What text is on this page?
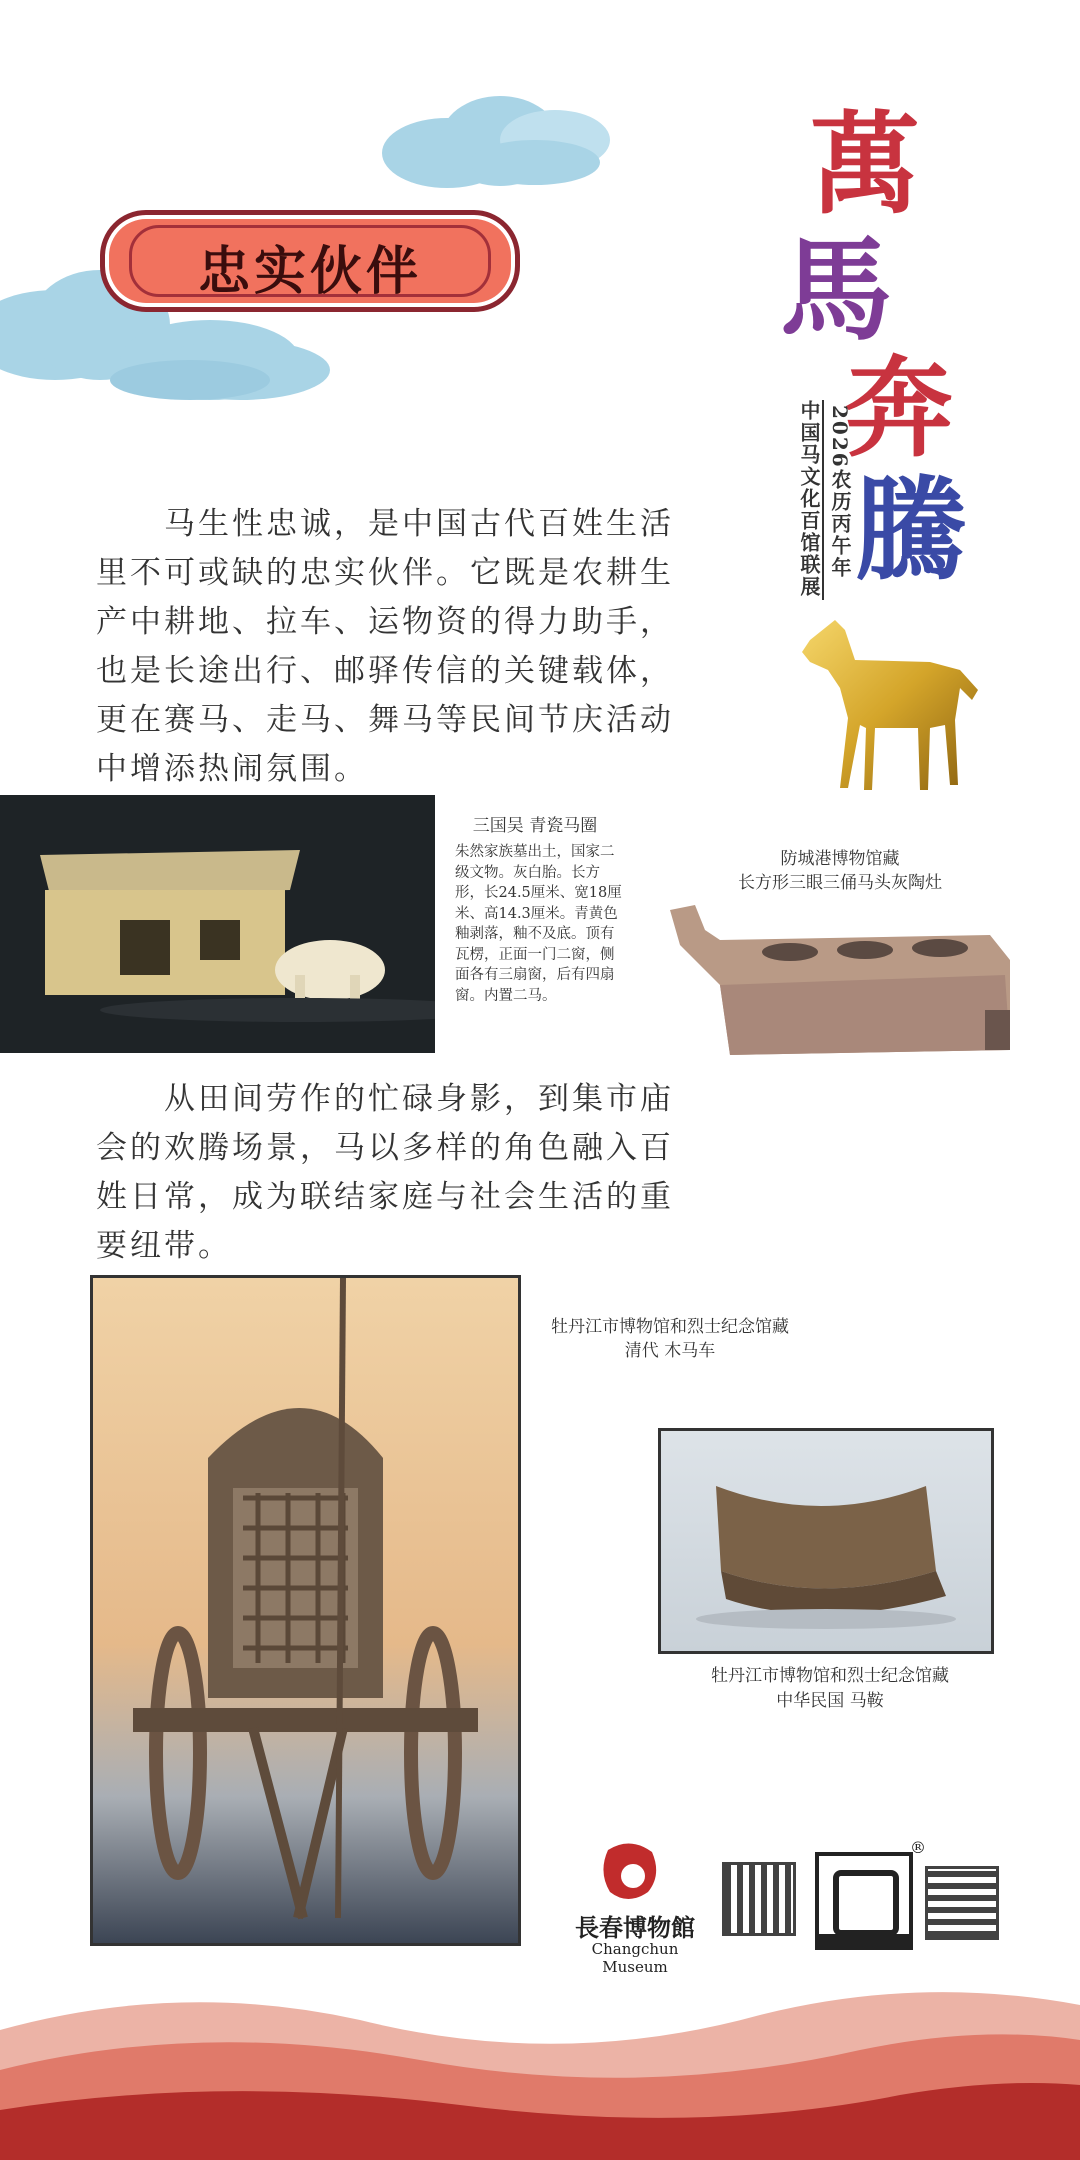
忠实伙伴
萬
馬
奔
騰
2026农历丙午年
中国马文化百馆联展
马生性忠诚，是中国古代百姓生活里不可或缺的忠实伙伴。它既是农耕生产中耕地、拉车、运物资的得力助手，也是长途出行、邮驿传信的关键载体，更在赛马、走马、舞马等民间节庆活动中增添热闹氛围。
三国吴 青瓷马圈
朱然家族墓出土，国家二级文物。灰白胎。长方形，长24.5厘米、宽18厘米、高14.3厘米。青黄色釉剥落，釉不及底。顶有瓦楞，正面一门二窗，侧面各有三扇窗，后有四扇窗。内置二马。
防城港博物馆藏
长方形三眼三俑马头灰陶灶
从田间劳作的忙碌身影，到集市庙会的欢腾场景，马以多样的角色融入百姓日常，成为联结家庭与社会生活的重要纽带。
牡丹江市博物馆和烈士纪念馆藏
清代 木马车
牡丹江市博物馆和烈士纪念馆藏
中华民国 马鞍
長春博物館
Changchun Museum
®
